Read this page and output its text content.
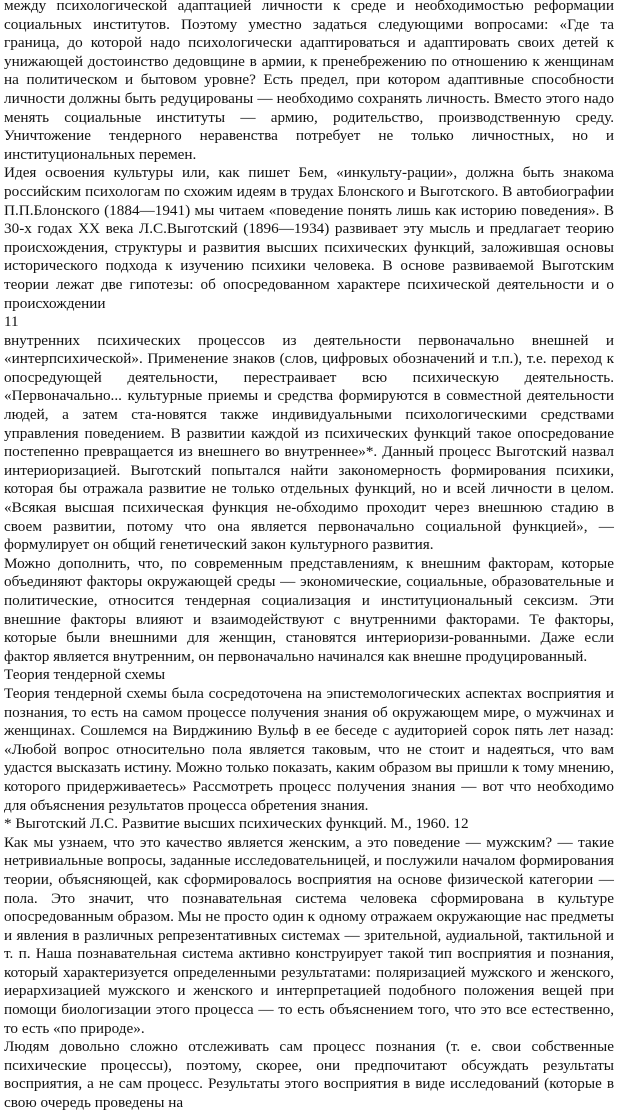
между психологической адаптацией личности к среде и необходимостью реформации социальных институтов. Поэтому уместно задаться следующими вопросами: «Где та граница, до которой надо психологически адаптироваться и адаптировать своих детей к унижающей достоинство дедовщине в армии, к пренебрежению по отношению к женщинам на политическом и бытовом уровне? Есть предел, при котором адаптивные способности личности должны быть редуцированы — необходимо сохранять личность. Вместо этого надо менять социальные институты — армию, родительство, производственную среду. Уничтожение тендерного неравенства потребует не только личностных, но и институциональных перемен.

Идея освоения культуры или, как пишет Бем, «инкульту-рации», должна быть знакома российским психологам по схожим идеям в трудах Блонского и Выготского. В автобиографии П.П.Блонского (1884—1941) мы читаем «поведение понять лишь как историю поведения». В 30-х годах XX века Л.С.Выготский (1896—1934) развивает эту мысль и предлагает теорию происхождения, структуры и развития высших психических функций, заложившая основы исторического подхода к изучению психики человека. В основе развиваемой Выготским теории лежат две гипотезы: об опосредованном характере психической деятельности и о происхождении

11

внутренних психических процессов из деятельности первоначально внешней и «интерпсихической». Применение знаков (слов, цифровых обозначений и т.п.), т.е. переход к опосредующей деятельности, перестраивает всю психическую деятельность. «Первоначально... культурные приемы и средства формируются в совместной деятельности людей, а затем ста-новятся также индивидуальными психологическими средствами управления поведением. В развитии каждой из психических функций такое опосредование постепенно превращается из внешнего во внутреннее»*. Данный процесс Выготский назвал интериоризацией. Выготский попытался найти закономерность формирования психики, которая бы отражала развитие не только отдельных функций, но и всей личности в целом. «Всякая высшая психическая функция не-обходимо проходит через внешнюю стадию в своем развитии, потому что она является первоначально социальной функцией», — формулирует он общий генетический закон культурного развития.

Можно дополнить, что, по современным представлениям, к внешним факторам, которые объединяют факторы окружающей среды — экономические, социальные, образовательные и политические, относится тендерная социализация и институциональный сексизм. Эти внешние факторы влияют и взаимодействуют с внутренними факторами. Те факторы, которые были внешними для женщин, становятся интериоризи-рованными. Даже если фактор является внутренним, он первоначально начинался как внешне продуцированный.

Теория тендерной схемы

Теория тендерной схемы была сосредоточена на эпистемологических аспектах восприятия и познания, то есть на самом процессе получения знания об окружающем мире, о мужчинах и женщинах. Сошлемся на Вирджинию Вульф в ее беседе с аудиторией сорок пять лет назад: «Любой вопрос относительно пола является таковым, что не стоит и надеяться, что вам удастся высказать истину. Можно только показать, каким образом вы пришли к тому мнению, которого придерживаетесь» Рассмотреть процесс получения знания — вот что необходимо для объяснения результатов процесса обретения знания.

* Выготский Л.С. Развитие высших психических функций. М., 1960. 12

Как мы узнаем, что это качество является женским, а это поведение — мужским? — такие нетривиальные вопросы, заданные исследовательницей, и послужили началом формирования теории, объясняющей, как сформировалось восприятия на основе физической категории — пола. Это значит, что познавательная система человека сформирована в культуре опосредованным образом. Мы не просто один к одному отражаем окружающие нас предметы и явления в различных репрезентативных системах — зрительной, аудиальной, тактильной и т. п. Наша познавательная система активно конструирует такой тип восприятия и познания, который характеризуется определенными результатами: поляризацией мужского и женского, иерархизацией мужского и женского и интерпретацией подобного положения вещей при помощи биологизации этого процесса — то есть объяснением того, что это все естественно, то есть «по природе».

Людям довольно сложно отслеживать сам процесс познания (т. е. свои собственные психические процессы), поэтому, скорее, они предпочитают обсуждать результаты восприятия, а не сам процесс. Результаты этого восприятия в виде исследований (которые в свою очередь проведены на
